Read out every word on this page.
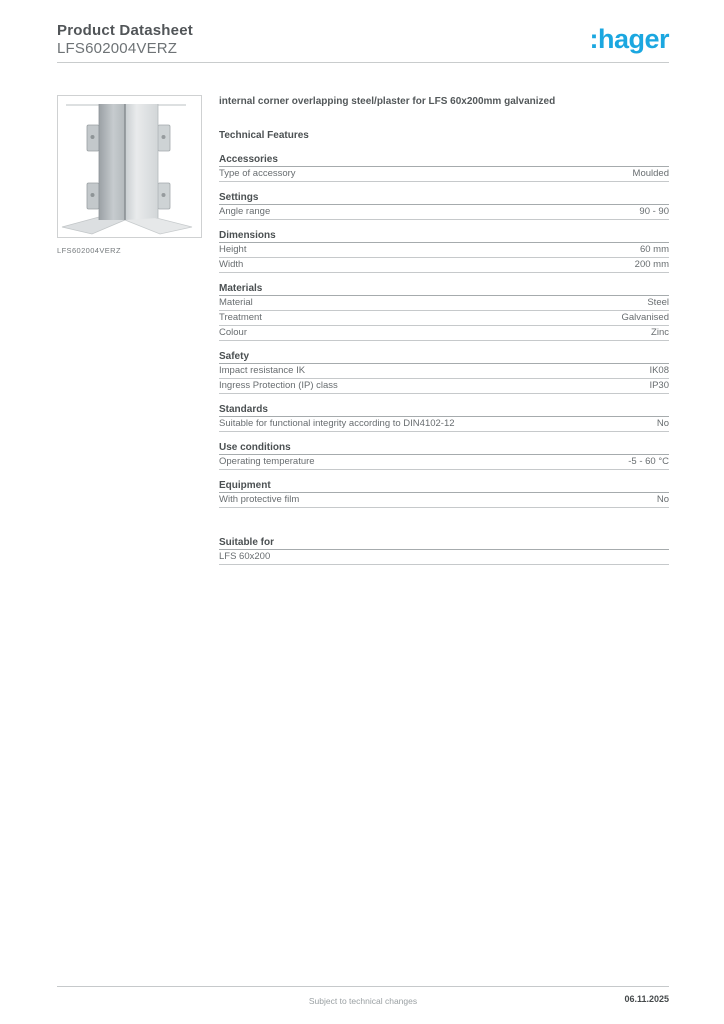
Product Datasheet
LFS602004VERZ	:hager
LFS602004VERZ
internal corner overlapping steel/plaster for LFS 60x200mm galvanized
Technical Features
Accessories
Type of accessory	Moulded
Settings
Angle range	90 - 90
Dimensions
Height	60 mm
Width	200 mm
Materials
Material	Steel
Treatment	Galvanised
Colour	Zinc
Safety
Impact resistance IK	IK08
Ingress Protection (IP) class	IP30
Standards
Suitable for functional integrity according to DIN4102-12	No
Use conditions
Operating temperature	-5 - 60 °C
Equipment
With protective film	No
Suitable for
LFS 60x200
Subject to technical changes	06.11.2025
